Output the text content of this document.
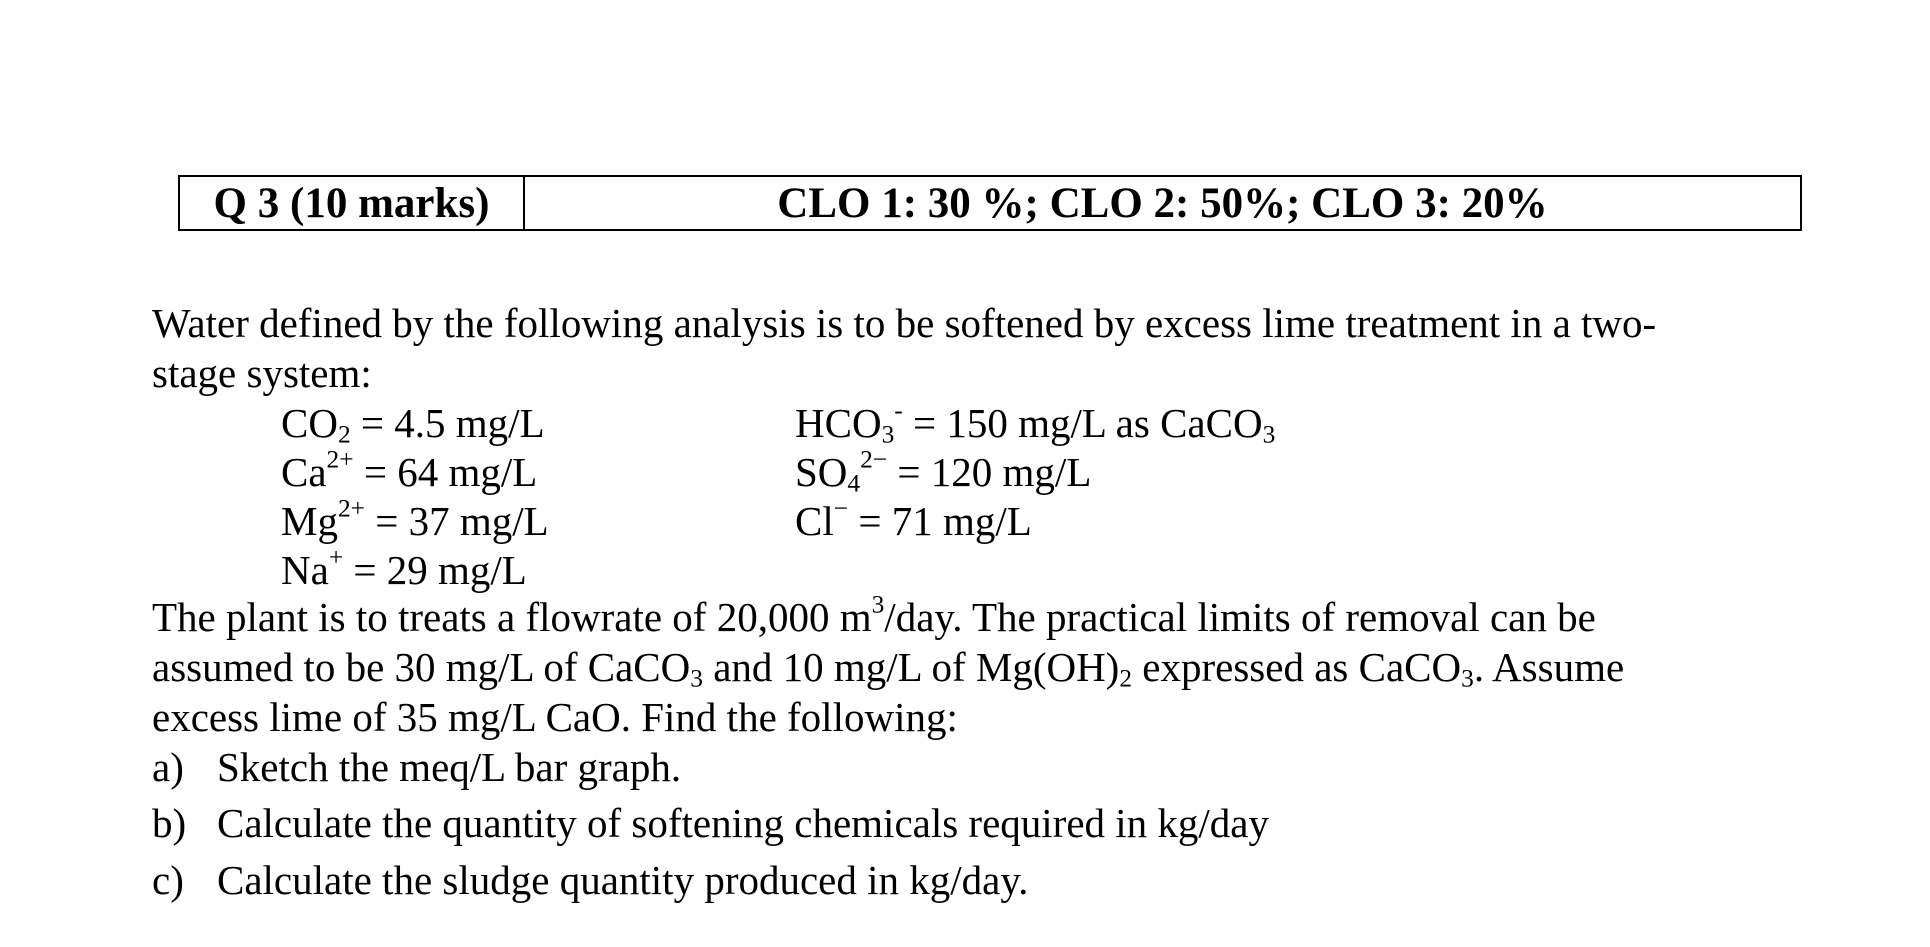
Q 3 (10 marks)	CLO 1: 30 %; CLO 2: 50%; CLO 3: 20%
Water defined by the following analysis is to be softened by excess lime treatment in a two-
stage system:
$CO_2 = 4.5$ mg/L
$Ca^{2+} = 64$ mg/L
$Mg^{2+} = 37$ mg/L
Na+ = 29 mg/L
$HCO_3^- = 150$ mg/L as CaCO$_3$
$SO_4^{2-} = 120$ mg/L
Cl− = 71 mg/L
The plant is to treats a flowrate of 20,000 $m^3$/day. The practical limits of removal can be
assumed to be 30 mg/L of CaCO$_3$ and 10 mg/L of $Mg(OH)_2$ expressed as CaCO$_3$. Assume
excess lime of 35 mg/L CaO. Find the following:
a) Sketch the meq/L bar graph.
b) Calculate the quantity of softening chemicals required in kg/day
c) Calculate the sludge quantity produced in kg/day.
